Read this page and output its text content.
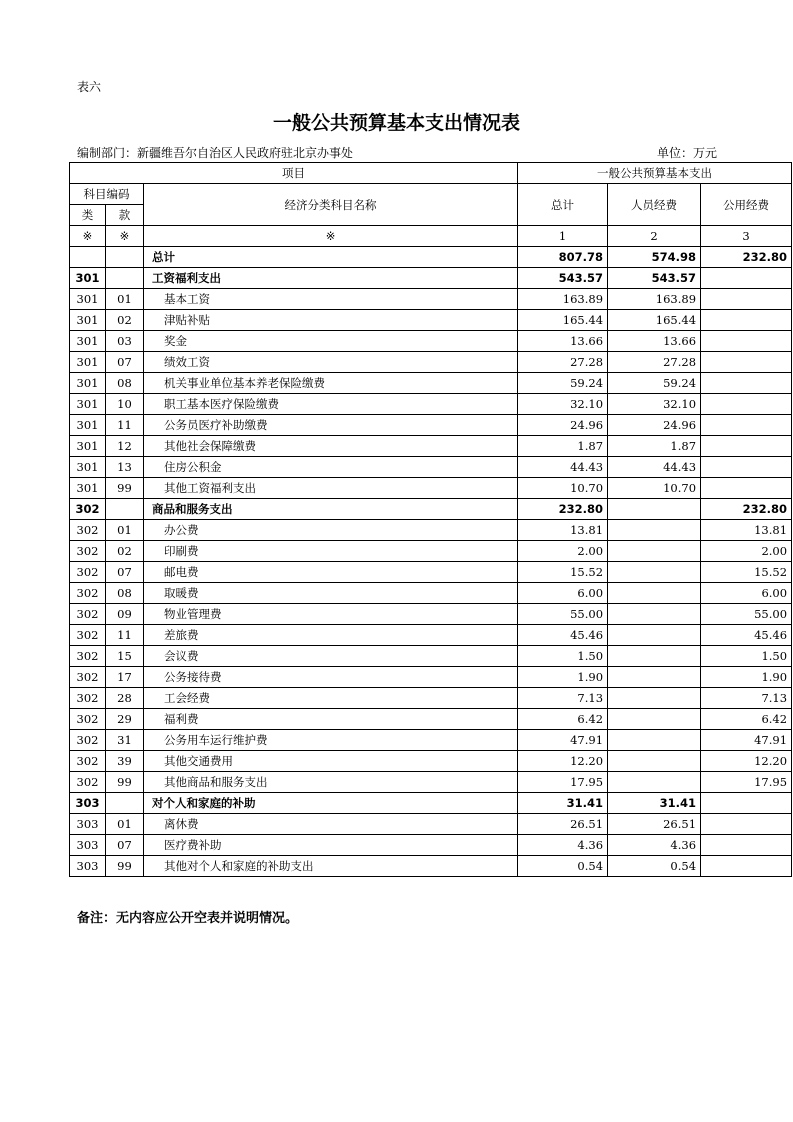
表六
一般公共预算基本支出情况表
编制部门：新疆维吾尔自治区人民政府驻北京办事处	单位：万元
项目			一般公共预算基本支出		
科目编码		经济分类科目名称	总计	人员经费	公用经费
类	款				
※	※	※	1	2	3
		总计	807.78	574.98	232.80
301		工资福利支出	543.57	543.57	
301	01	基本工资	163.89	163.89	
301	02	津贴补贴	165.44	165.44	
301	03	奖金	13.66	13.66	
301	07	绩效工资	27.28	27.28	
301	08	机关事业单位基本养老保险缴费	59.24	59.24	
301	10	职工基本医疗保险缴费	32.10	32.10	
301	11	公务员医疗补助缴费	24.96	24.96	
301	12	其他社会保障缴费	1.87	1.87	
301	13	住房公积金	44.43	44.43	
301	99	其他工资福利支出	10.70	10.70	
302		商品和服务支出	232.80		232.80
302	01	办公费	13.81		13.81
302	02	印刷费	2.00		2.00
302	07	邮电费	15.52		15.52
302	08	取暖费	6.00		6.00
302	09	物业管理费	55.00		55.00
302	11	差旅费	45.46		45.46
302	15	会议费	1.50		1.50
302	17	公务接待费	1.90		1.90
302	28	工会经费	7.13		7.13
302	29	福利费	6.42		6.42
302	31	公务用车运行维护费	47.91		47.91
302	39	其他交通费用	12.20		12.20
302	99	其他商品和服务支出	17.95		17.95
303		对个人和家庭的补助	31.41	31.41	
303	01	离休费	26.51	26.51	
303	07	医疗费补助	4.36	4.36	
303	99	其他对个人和家庭的补助支出	0.54	0.54	
备注：无内容应公开空表并说明情况。
